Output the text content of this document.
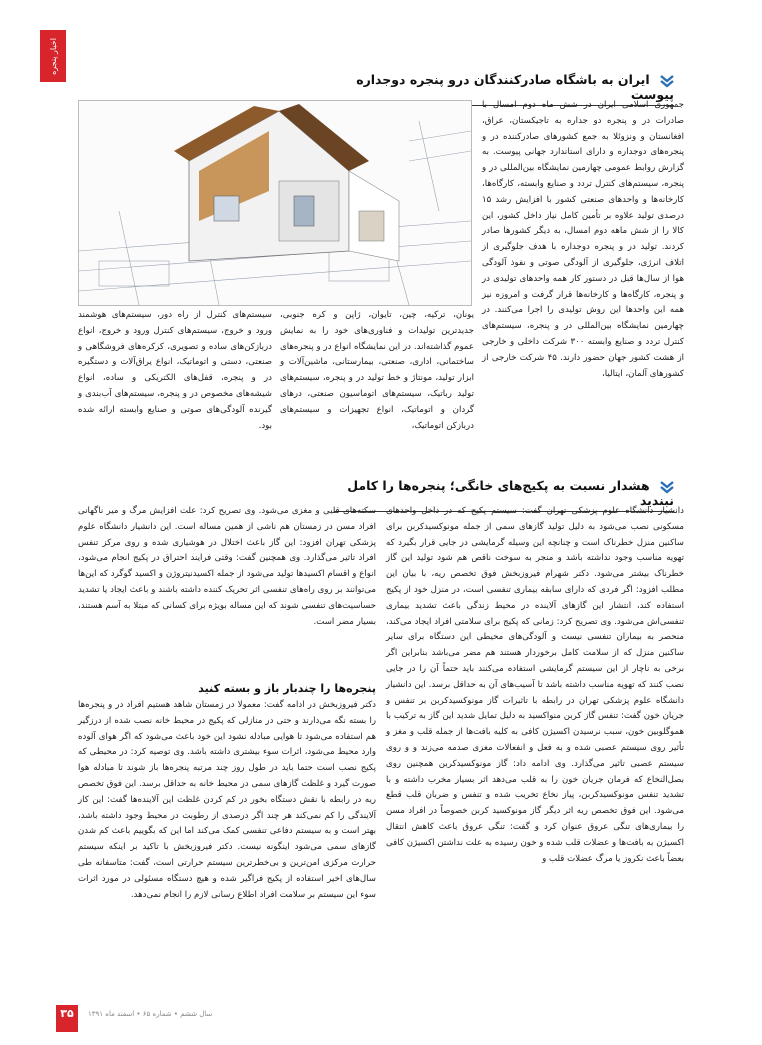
اخبار پنجره
ایران به باشگاه صادرکنندگان درو پنجره دوجداره پیوست
جمهوری اسلامی ایران در شش ماه دوم امسال با صادرات در و پنجره دو جداره به تاجیکستان، عراق، افغانستان و ونزوئلا به جمع کشورهای صادرکننده در و پنجره‌های دوجداره و دارای استاندارد جهانی پیوست. به گزارش روابط عمومی چهارمین نمایشگاه بین‌المللی در و پنجره، سیستم‌های کنترل تردد و صنایع وابسته، کارگاه‌ها، کارخانه‌ها و واحدهای صنعتی کشور با افزایش رشد ۱۵ درصدی تولید علاوه بر تأمین کامل نیاز داخل کشور، این کالا را از شش ماهه دوم امسال، به دیگر کشورها صادر کردند. تولید در و پنجره دوجداره با هدف جلوگیری از اتلاف انرژی، جلوگیری از آلودگی صوتی و نفوذ آلودگی هوا از سال‌ها قبل در دستور کار همه واحدهای تولیدی در و پنجره، کارگاه‌ها و کارخانه‌ها قرار گرفت و امروزه نیز همه این واحدها این روش تولیدی را اجرا می‌کنند. در چهارمین نمایشگاه بین‌المللی در و پنجره، سیستم‌های کنترل تردد و صنایع وابسته ۳۰۰ شرکت داخلی و خارجی از هشت کشور جهان حضور دارند. ۴۵ شرکت خارجی از کشورهای آلمان، ایتالیا،
یونان، ترکیه، چین، تایوان، ژاپن و کره جنوبی، جدیدترین تولیدات و فناوری‌های خود را به نمایش عموم گذاشته‌اند. در این نمایشگاه انواع در و پنجره‌های ساختمانی، اداری، صنعتی، بیمارستانی، ماشین‌آلات و ابزار تولید، مونتاژ و خط تولید در و پنجره، سیستم‌های تولید رباتیک، سیستم‌های اتوماسیون صنعتی، درهای گردان و اتوماتیک، انواع تجهیزات و سیستم‌های دربازکن اتوماتیک،
سیستم‌های کنترل از راه دور، سیستم‌های هوشمند ورود و خروج، سیستم‌های کنترل ورود و خروج، انواع دربازکن‌های ساده و تصویری، کرکره‌های فروشگاهی و صنعتی، دستی و اتوماتیک، انواع یراق‌آلات و دستگیره در و پنجره، قفل‌های الکتریکی و ساده، انواع شیشه‌های مخصوص در و پنجره، سیستم‌های آب‌بندی و گیرنده آلودگی‌های صوتی و صنایع وابسته ارائه شده بود.
هشدار نسبت به پکیج‌های خانگی؛ پنجره‌ها را کامل نبندید
دانشیار دانشگاه علوم پزشکی تهران گفت: سیستم پکیج که در داخل واحدهای مسکونی نصب می‌شود به دلیل تولید گازهای سمی از جمله مونوکسیدکربن برای ساکنین منزل خطرناک است و چنانچه این وسیله گرمایشی در جایی قرار بگیرد که تهویه مناسب وجود نداشته باشد و منجر به سوخت ناقص هم شود تولید این گاز خطرناک بیشتر می‌شود. دکتر شهرام فیروزبخش فوق تخصص ریه، با بیان این مطلب افزود: اگر فردی که دارای سابقه بیماری تنفسی است، در منزل خود از پکیج استفاده کند، انتشار این گازهای آلاینده در محیط زندگی باعث تشدید بیماری تنفسی‌اش می‌شود. وی تصریح کرد: زمانی که پکیج برای سلامتی افراد ایجاد می‌کند، منحصر به بیماران تنفسی نیست و آلودگی‌های محیطی این دستگاه برای سایر ساکنین منزل که از سلامت کامل برخوردار هستند هم مضر می‌باشد بنابراین اگر برخی به ناچار از این سیستم گرمایشی استفاده می‌کنند باید حتماً آن را در جایی نصب کنند که تهویه مناسب داشته باشد تا آسیب‌های آن به حداقل برسد. این دانشیار دانشگاه علوم پزشکی تهران در رابطه با تاثیرات گاز مونوکسیدکربن بر تنفس و جریان خون گفت: تنفس گاز کربن منواکسید به دلیل تمایل شدید این گاز به ترکیب با هموگلوبین خون، سبب نرسیدن اکسیژن کافی به کلیه بافت‌ها از جمله قلب و مغز و تأثیر روی سیستم عصبی شده و به فعل و انفعالات مغزی صدمه می‌زند و و روی سیستم عصبی تاثیر می‌گذارد. وی ادامه داد: گاز مونوکسیدکربن همچنین روی بصل‌النخاع که فرمان جریان خون را به قلب می‌دهد اثر بسیار مخرب داشته و با تشدید تنفس مونوکسیدکربن، پیاز نخاع تخریب شده و تنفس و ضربان قلب قطع می‌شود. این فوق تخصص ریه اثر دیگر گاز مونوکسید کربن خصوصاً در افراد مسن را بیماری‌های تنگی عروق عنوان کرد و گفت: تنگی عروق باعث کاهش انتقال اکسیژن به بافت‌ها و عضلات قلب شده و خون رسیده به علت نداشتن اکسیژن کافی بعضاً باعث نکروز یا مرگ عضلات قلب و
سکته‌های قلبی و مغزی می‌شود. وی تصریح کرد: علت افزایش مرگ و میر ناگهانی افراد مسن در زمستان هم ناشی از همین مساله است. این دانشیار دانشگاه علوم پزشکی تهران افزود: این گاز باعث اختلال در هوشیاری شده و روی مرکز تنفس افراد تاثیر می‌گذارد. وی همچنین گفت: وقتی فرایند احتراق در پکیج انجام می‌شود، انواع و اقسام اکسیدها تولید می‌شود از جمله اکسیدنیتروژن و اکسید گوگرد که این‌ها می‌توانند بر روی راه‌های تنفسی اثر تحریک کننده داشته باشند و باعث ایجاد یا تشدید حساسیت‌های تنفسی شوند که این مساله بویژه برای کسانی که مبتلا به آسم هستند، بسیار مضر است.
پنجره‌ها را چندبار باز و بسته کنید
دکتر فیروزبخش در ادامه گفت: معمولا در زمستان شاهد هستیم افراد در و پنجره‌ها را بسته نگه می‌دارند و حتی در منازلی که پکیج در محیط خانه نصب شده از درزگیر هم استفاده می‌شود تا هوایی مبادله نشود این خود باعث می‌شود که اگر هوای آلوده وارد محیط می‌شود، اثرات سوء بیشتری داشته باشد. وی توصیه کرد: در محیطی که پکیج نصب است حتما باید در طول روز چند مرتبه پنجره‌ها باز شوند تا مبادله هوا صورت گیرد و غلظت گازهای سمی در محیط خانه به حداقل برسد. این فوق تخصص ریه در رابطه با نقش دستگاه بخور در کم کردن غلظت این آلاینده‌ها گفت: این کار آلایندگی را کم نمی‌کند هر چند اگر درصدی از رطوبت در محیط وجود داشته باشد، بهتر است و به سیستم دفاعی تنفسی کمک می‌کند اما این که بگوییم باعث کم شدن گازهای سمی می‌شود اینگونه نیست. دکتر فیروزبخش با تاکید بر اینکه سیستم حرارت مرکزی امن‌ترین و بی‌خطرترین سیستم حرارتی است، گفت: متاسفانه طی سال‌های اخیر استفاده از پکیج فراگیر شده و هیچ دستگاه مسئولی در مورد اثرات سوء این سیستم بر سلامت افراد اطلاع رسانی لازم را انجام نمی‌دهد.
۳۵ سال ششم • شماره ۶۵ • اسفند ماه ۱۳۹۱
